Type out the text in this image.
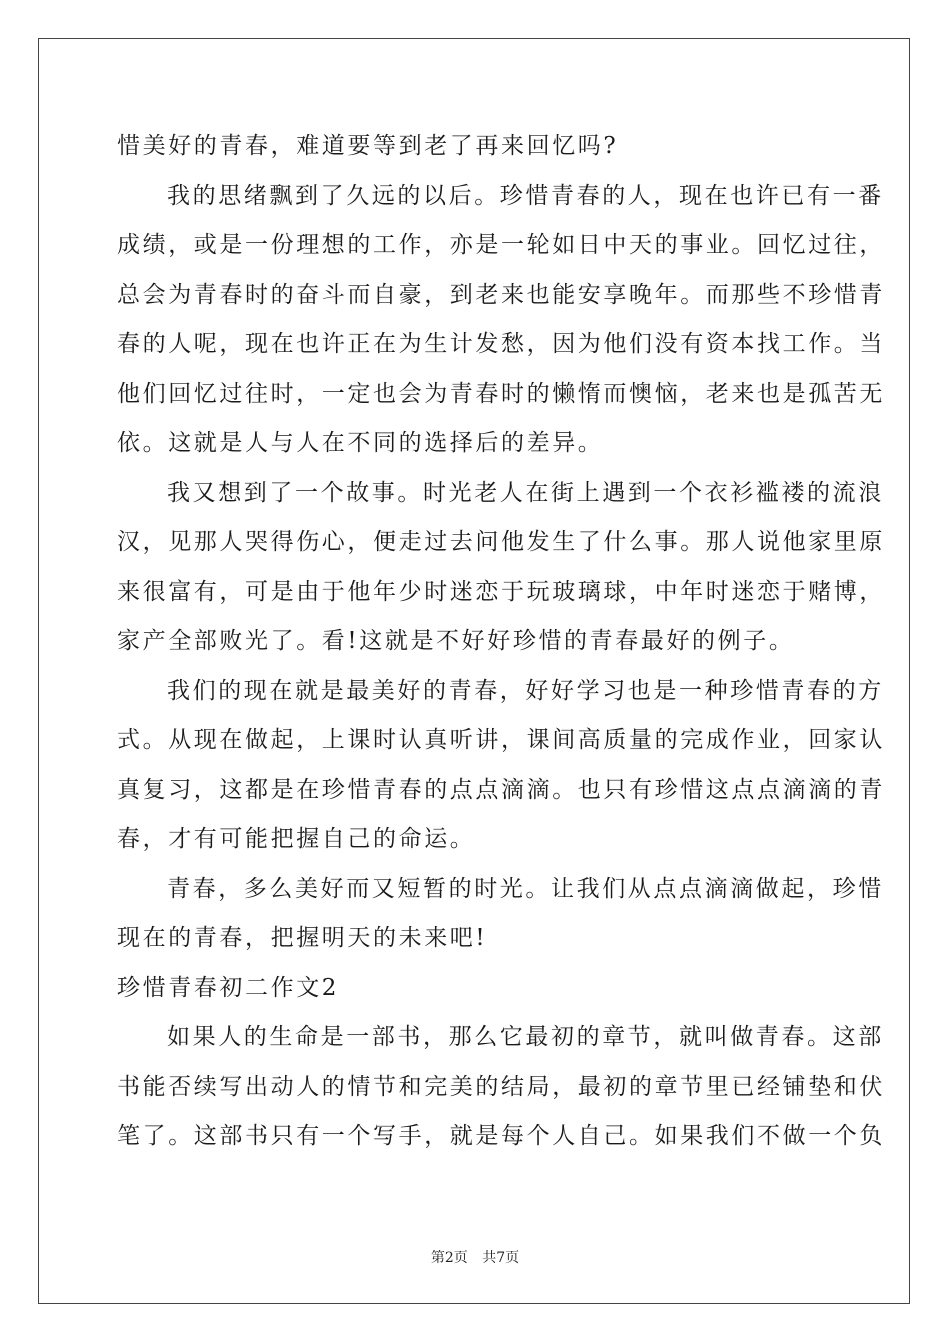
惜美好的青春，难道要等到老了再来回忆吗?
我的思绪飘到了久远的以后。珍惜青春的人，现在也许已有一番
成绩，或是一份理想的工作，亦是一轮如日中天的事业。回忆过往，
总会为青春时的奋斗而自豪，到老来也能安享晚年。而那些不珍惜青
春的人呢，现在也许正在为生计发愁，因为他们没有资本找工作。当
他们回忆过往时，一定也会为青春时的懒惰而懊恼，老来也是孤苦无
依。这就是人与人在不同的选择后的差异。
我又想到了一个故事。时光老人在街上遇到一个衣衫褴褛的流浪
汉，见那人哭得伤心，便走过去问他发生了什么事。那人说他家里原
来很富有，可是由于他年少时迷恋于玩玻璃球，中年时迷恋于赌博，
家产全部败光了。看!这就是不好好珍惜的青春最好的例子。
我们的现在就是最美好的青春，好好学习也是一种珍惜青春的方
式。从现在做起，上课时认真听讲，课间高质量的完成作业，回家认
真复习，这都是在珍惜青春的点点滴滴。也只有珍惜这点点滴滴的青
春，才有可能把握自己的命运。
青春，多么美好而又短暂的时光。让我们从点点滴滴做起，珍惜
现在的青春，把握明天的未来吧!
珍惜青春初二作文2
如果人的生命是一部书，那么它最初的章节，就叫做青春。这部
书能否续写出动人的情节和完美的结局，最初的章节里已经铺垫和伏
笔了。这部书只有一个写手，就是每个人自己。如果我们不做一个负
第2页 共7页
